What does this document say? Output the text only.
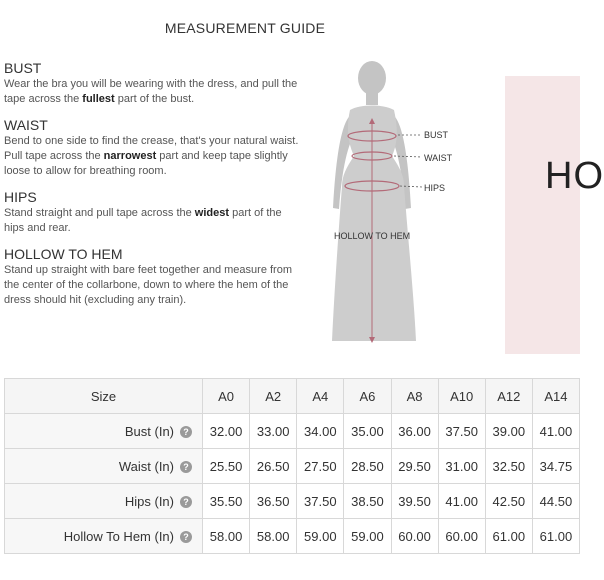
MEASUREMENT GUIDE
BUST
Wear the bra you will be wearing with the dress, and pull the tape across the fullest part of the bust.
WAIST
Bend to one side to find the crease, that's your natural waist. Pull tape across the narrowest part and keep tape slightly loose to allow for breathing room.
HIPS
Stand straight and pull tape across the widest part of the hips and rear.
HOLLOW TO HEM
Stand up straight with bare feet together and measure from the center of the collarbone, down to where the hem of the dress should hit (excluding any train).
BUST
WAIST
HIPS
HOLLOW TO HEM
HO
Size	A0	A2	A4	A6	A8	A10	A12	A14
Bust (In) ?	32.00	33.00	34.00	35.00	36.00	37.50	39.00	41.00
Waist (In) ?	25.50	26.50	27.50	28.50	29.50	31.00	32.50	34.75
Hips (In) ?	35.50	36.50	37.50	38.50	39.50	41.00	42.50	44.50
Hollow To Hem (In) ?	58.00	58.00	59.00	59.00	60.00	60.00	61.00	61.00
